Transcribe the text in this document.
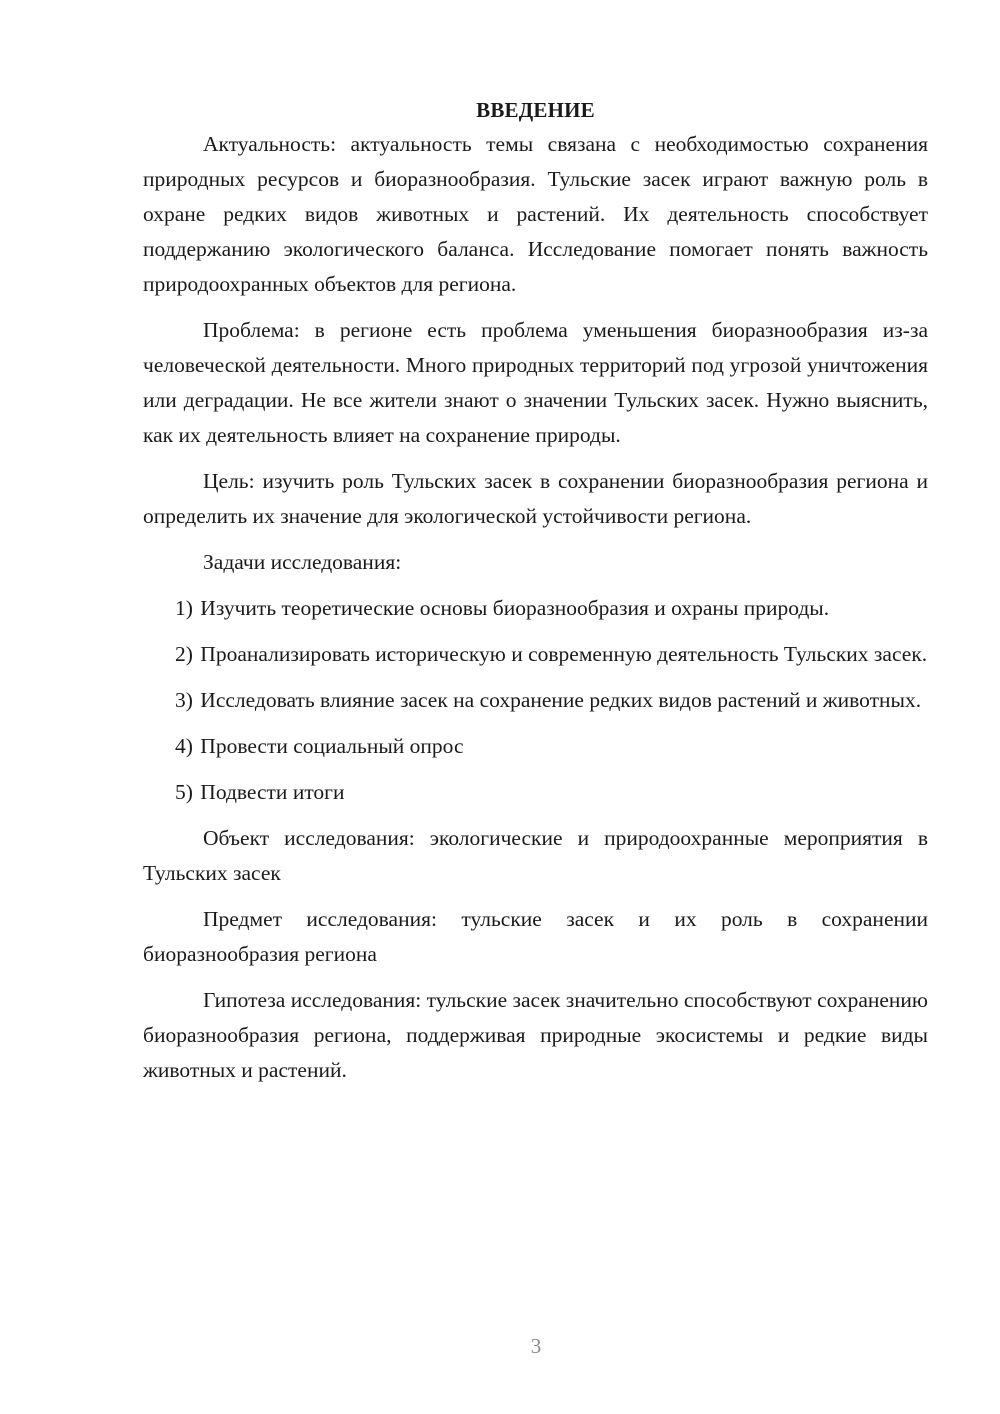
ВВЕДЕНИЕ

Актуальность: актуальность темы связана с необходимостью сохранения природных ресурсов и биоразнообразия. Тульские засек играют важную роль в охране редких видов животных и растений. Их деятельность способствует поддержанию экологического баланса. Исследование помогает понять важность природоохранных объектов для региона.

Проблема: в регионе есть проблема уменьшения биоразнообразия из-за человеческой деятельности. Много природных территорий под угрозой уничтожения или деградации. Не все жители знают о значении Тульских засек. Нужно выяснить, как их деятельность влияет на сохранение природы.

Цель: изучить роль Тульских засек в сохранении биоразнообразия региона и определить их значение для экологической устойчивости региона.

Задачи исследования:

1) Изучить теоретические основы биоразнообразия и охраны природы.

2) Проанализировать историческую и современную деятельность Тульских засек.

3) Исследовать влияние засек на сохранение редких видов растений и животных.

4) Провести социальный опрос

5) Подвести итоги

Объект исследования: экологические и природоохранные мероприятия в Тульских засек

Предмет исследования: тульские засек и их роль в сохранении биоразнообразия региона

Гипотеза исследования: тульские засек значительно способствуют сохранению биоразнообразия региона, поддерживая природные экосистемы и редкие виды животных и растений.

3
